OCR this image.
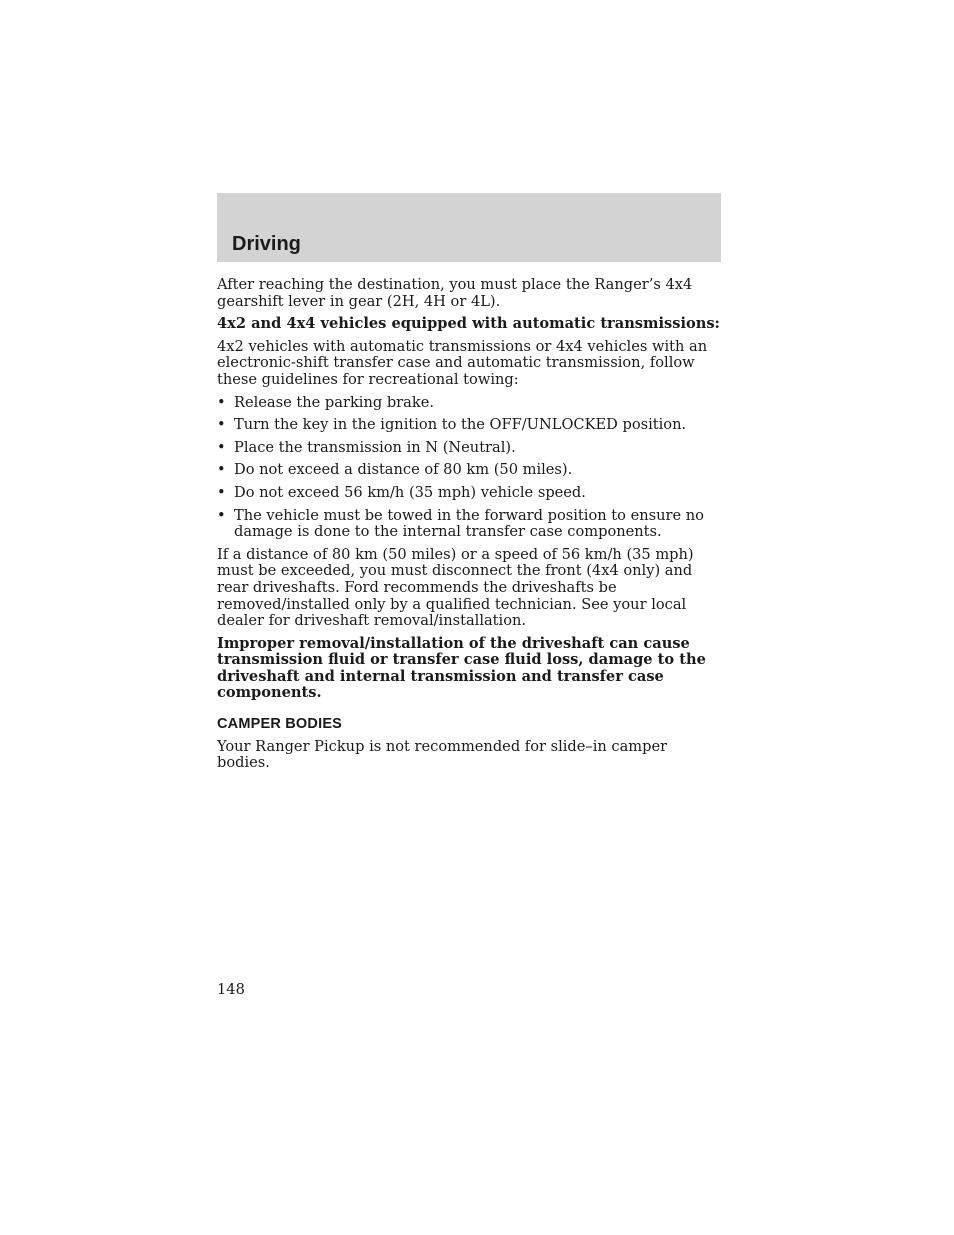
Driving

After reaching the destination, you must place the Ranger’s 4x4 gearshift lever in gear (2H, 4H or 4L).

4x2 and 4x4 vehicles equipped with automatic transmissions:

4x2 vehicles with automatic transmissions or 4x4 vehicles with an electronic-shift transfer case and automatic transmission, follow these guidelines for recreational towing:

• Release the parking brake.
• Turn the key in the ignition to the OFF/UNLOCKED position.
• Place the transmission in N (Neutral).
• Do not exceed a distance of 80 km (50 miles).
• Do not exceed 56 km/h (35 mph) vehicle speed.
• The vehicle must be towed in the forward position to ensure no damage is done to the internal transfer case components.

If a distance of 80 km (50 miles) or a speed of 56 km/h (35 mph) must be exceeded, you must disconnect the front (4x4 only) and rear driveshafts. Ford recommends the driveshafts be removed/installed only by a qualified technician. See your local dealer for driveshaft removal/installation.

Improper removal/installation of the driveshaft can cause transmission fluid or transfer case fluid loss, damage to the driveshaft and internal transmission and transfer case components.

CAMPER BODIES

Your Ranger Pickup is not recommended for slide–in camper bodies.

148
